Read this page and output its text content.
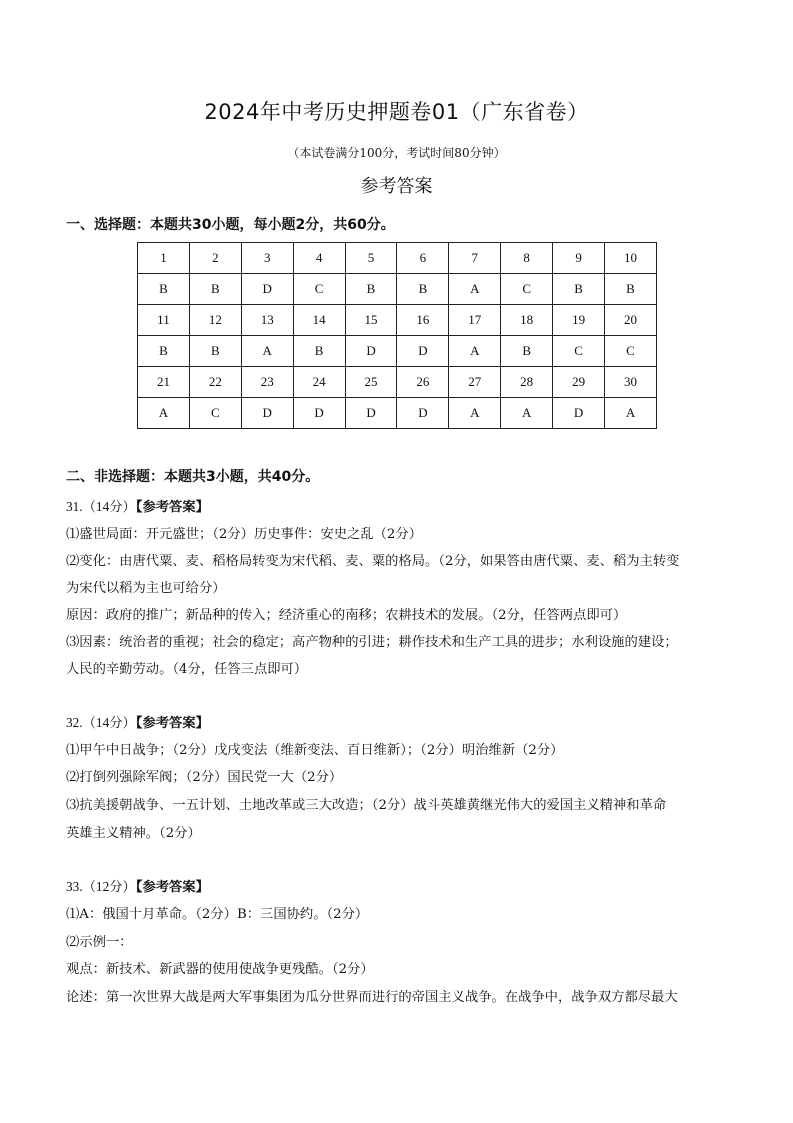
2024年中考历史押题卷01（广东省卷）
（本试卷满分100分，考试时间80分钟）
参考答案
一、选择题：本题共30小题，每小题2分，共60分。
1	2	3	4	5	6	7	8	9	10
B	B	D	C	B	B	A	C	B	B
11	12	13	14	15	16	17	18	19	20
B	B	A	B	D	D	A	B	C	C
21	22	23	24	25	26	27	28	29	30
A	C	D	D	D	D	A	A	D	A
二、非选择题：本题共3小题，共40分。
31.（14分）【参考答案】
⑴盛世局面：开元盛世；（2分）历史事件：安史之乱（2分）
⑵变化：由唐代粟、麦、稻格局转变为宋代稻、麦、粟的格局。（2分，如果答由唐代粟、麦、稻为主转变
为宋代以稻为主也可给分）
原因：政府的推广；新品种的传入；经济重心的南移；农耕技术的发展。（2分，任答两点即可）
⑶因素：统治者的重视；社会的稳定；高产物种的引进；耕作技术和生产工具的进步；水利设施的建设；
人民的辛勤劳动。（4分，任答三点即可）
32.（14分）【参考答案】
⑴甲午中日战争；（2分）戊戌变法（维新变法、百日维新）；（2分）明治维新（2分）
⑵打倒列强除军阀；（2分）国民党一大（2分）
⑶抗美援朝战争、一五计划、土地改革或三大改造；（2分）战斗英雄黄继光伟大的爱国主义精神和革命
英雄主义精神。（2分）
33.（12分）【参考答案】
⑴A：俄国十月革命。（2分）B：三国协约。（2分）
⑵示例一：
观点：新技术、新武器的使用使战争更残酷。（2分）
论述：第一次世界大战是两大军事集团为瓜分世界而进行的帝国主义战争。在战争中，战争双方都尽最大
